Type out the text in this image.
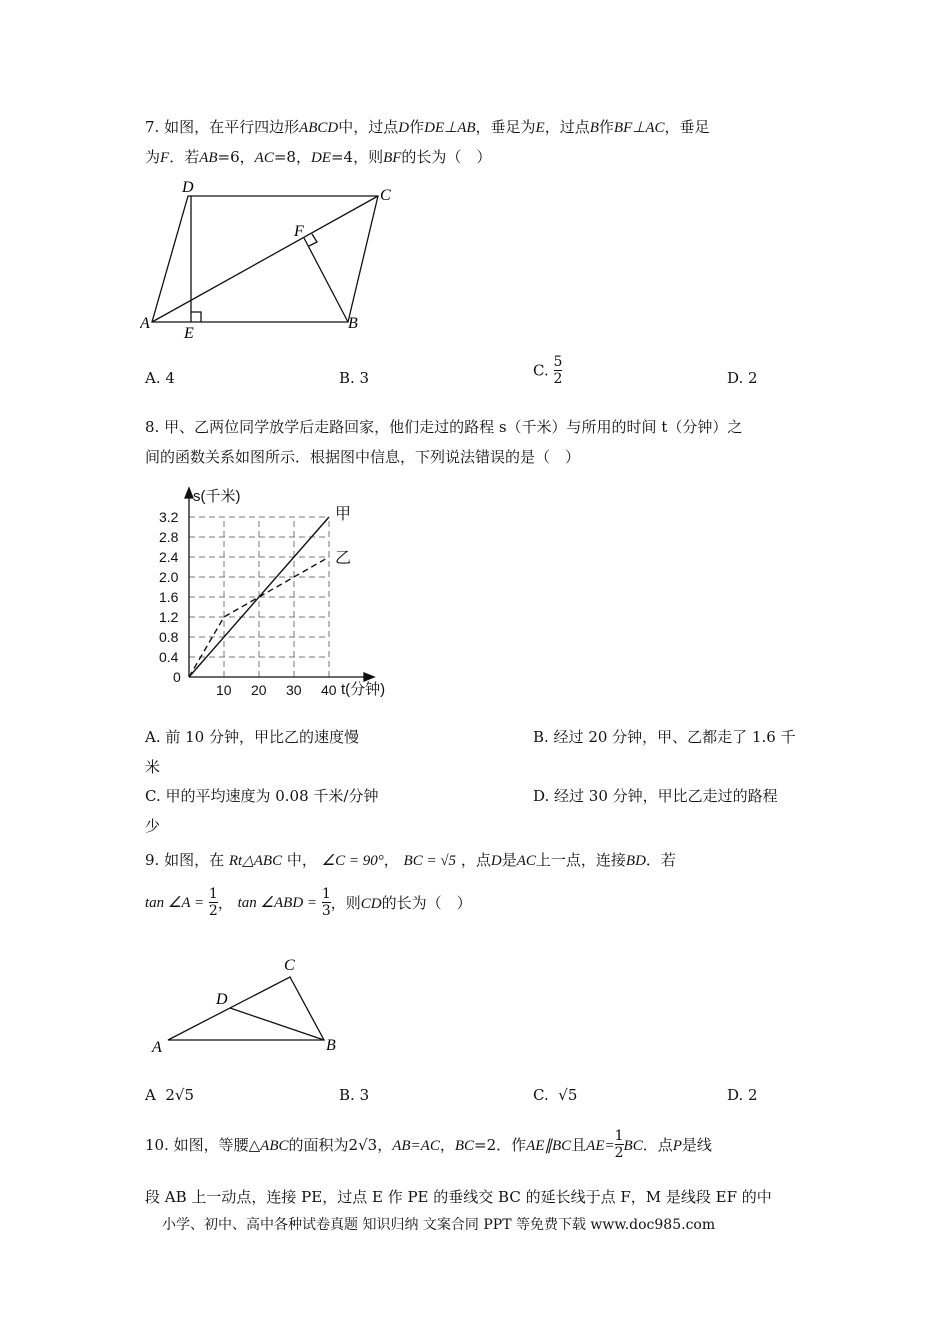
7. 如图，在平行四边形ABCD中，过点D作DE⊥AB，垂足为E，过点B作BF⊥AC，垂足
为F．若AB=6，AC=8，DE=4，则BF的长为（　）
D	C
F
A
E
B
A. 4	B. 3	C. $\frac{5}{2}$	D. 2
8. 甲、乙两位同学放学后走路回家，他们走过的路程 s（千米）与所用的时间 t（分钟）之
间的函数关系如图所示．根据图中信息，下列说法错误的是（　）
0.4
0.8
1.2
1.6
2.0
2.4
2.8
3.2
10 20 30 40
甲
乙
s(千米)
t(分钟)
0
A. 前 10 分钟，甲比乙的速度慢	B. 经过 20 分钟，甲、乙都走了 1.6 千
米
C. 甲的平均速度为 0.08 千米/分钟	D. 经过 30 分钟，甲比乙走过的路程
少
9. 如图，在 Rt△ABC 中， ∠C = 90°， BC = √5 ，点D是AC上一点，连接BD．若
tan ∠A = $\frac{1}{2}$ ， tan ∠ABD = $\frac{1}{3}$ ，则CD的长为（　）
C
D
A	B
A 2√5	B. 3	C. √5	D. 2
10. 如图，等腰△ABC的面积为2√3，AB=AC，BC=2．作AE∥BC且$AE= \frac{1}{2}$ BC．点P是线
段 AB 上一动点，连接 PE，过点 E 作 PE 的垂线交 BC 的延长线于点 F，M 是线段 EF 的中
小学、初中、高中各种试卷真题 知识归纳 文案合同 PPT 等免费下载 www.doc985.com
